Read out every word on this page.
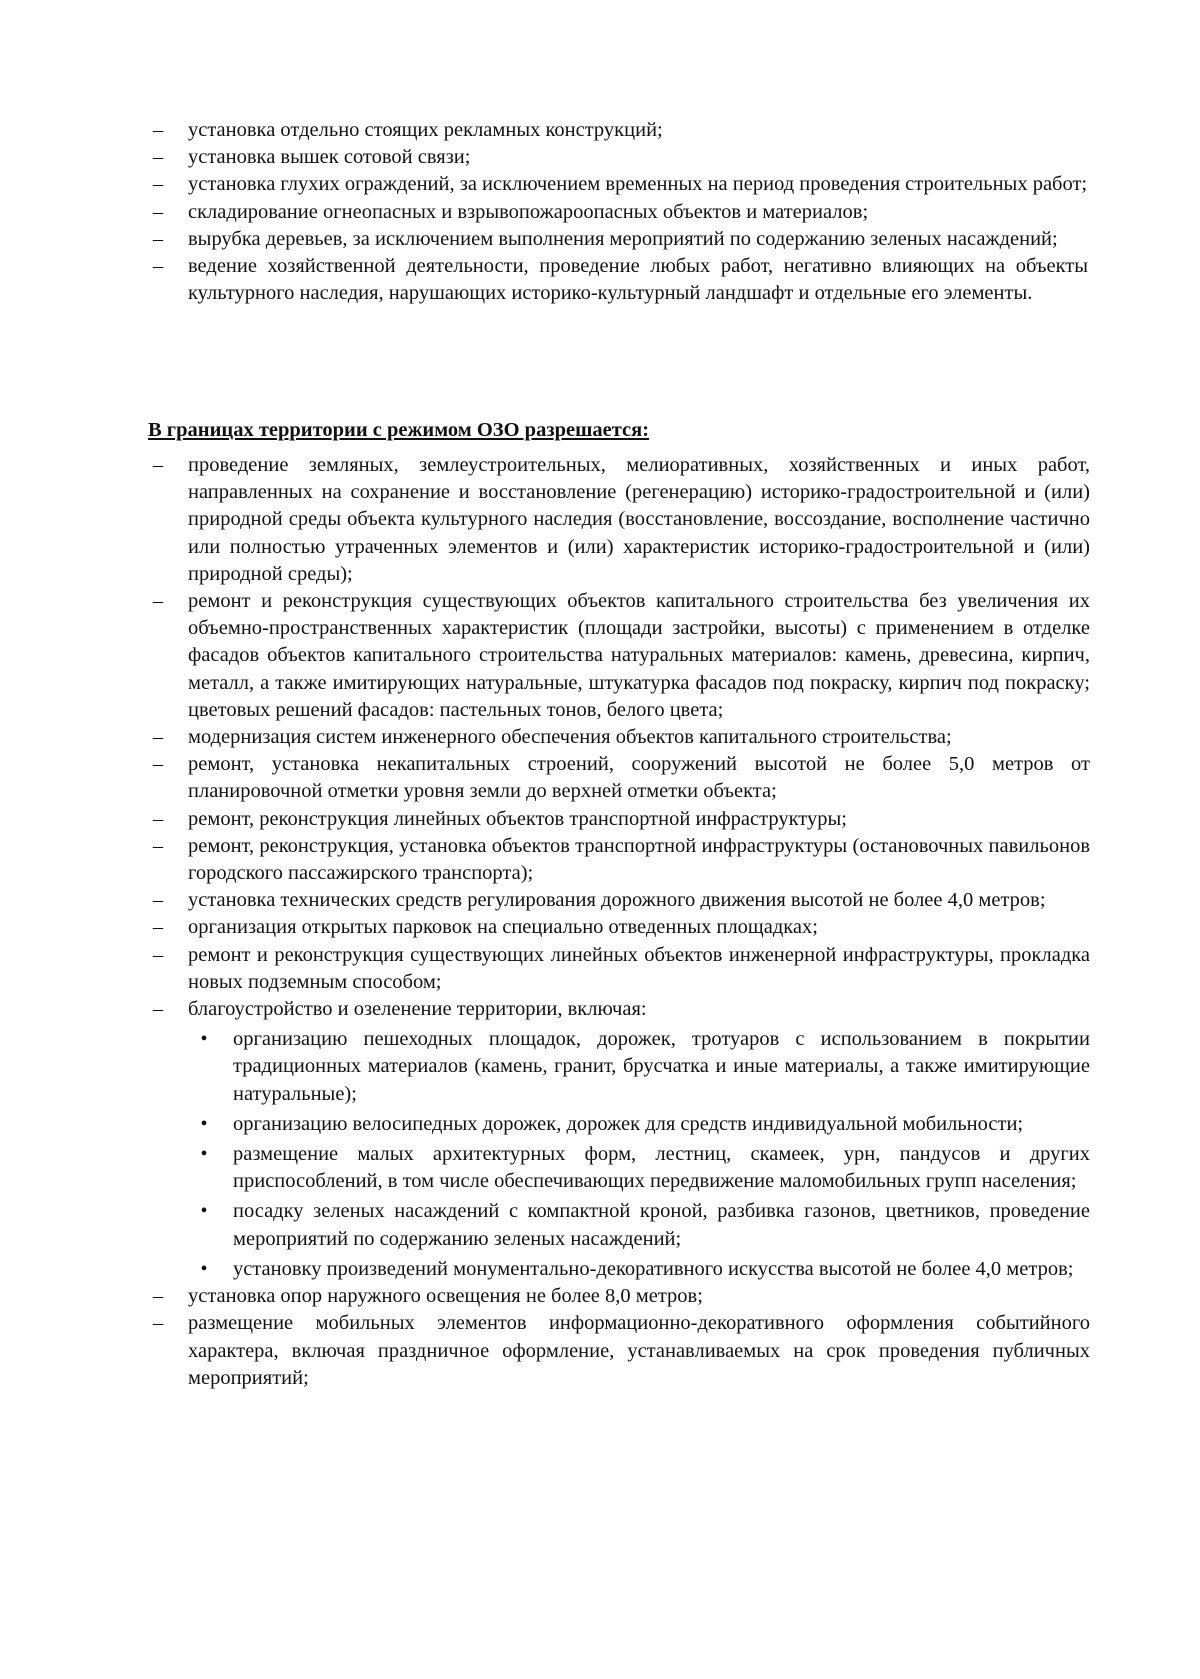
– установка отдельно стоящих рекламных конструкций;
– установка вышек сотовой связи;
– установка глухих ограждений, за исключением временных на период проведения строительных работ;
– складирование огнеопасных и взрывопожароопасных объектов и материалов;
– вырубка деревьев, за исключением выполнения мероприятий по содержанию зеленых насаждений;
– ведение хозяйственной деятельности, проведение любых работ, негативно влияющих на объекты культурного наследия, нарушающих историко-культурный ландшафт и отдельные его элементы.
В границах территории с режимом ОЗО разрешается:
– проведение земляных, землеустроительных, мелиоративных, хозяйственных и иных работ, направленных на сохранение и восстановление (регенерацию) историко-градостроительной и (или) природной среды объекта культурного наследия (восстановление, воссоздание, восполнение частично или полностью утраченных элементов и (или) характеристик историко-градостроительной и (или) природной среды);
– ремонт и реконструкция существующих объектов капитального строительства без увеличения их объемно-пространственных характеристик (площади застройки, высоты) с применением в отделке фасадов объектов капитального строительства натуральных материалов: камень, древесина, кирпич, металл, а также имитирующих натуральные, штукатурка фасадов под покраску, кирпич под покраску; цветовых решений фасадов: пастельных тонов, белого цвета;
– модернизация систем инженерного обеспечения объектов капитального строительства;
– ремонт, установка некапитальных строений, сооружений высотой не более 5,0 метров от планировочной отметки уровня земли до верхней отметки объекта;
– ремонт, реконструкция линейных объектов транспортной инфраструктуры;
– ремонт, реконструкция, установка объектов транспортной инфраструктуры (остановочных павильонов городского пассажирского транспорта);
– установка технических средств регулирования дорожного движения высотой не более 4,0 метров;
– организация открытых парковок на специально отведенных площадках;
– ремонт и реконструкция существующих линейных объектов инженерной инфраструктуры, прокладка новых подземным способом;
– благоустройство и озеленение территории, включая:
• организацию пешеходных площадок, дорожек, тротуаров с использованием в покрытии традиционных материалов (камень, гранит, брусчатка и иные материалы, а также имитирующие натуральные);
• организацию велосипедных дорожек, дорожек для средств индивидуальной мобильности;
• размещение малых архитектурных форм, лестниц, скамеек, урн, пандусов и других приспособлений, в том числе обеспечивающих передвижение маломобильных групп населения;
• посадку зеленых насаждений с компактной кроной, разбивка газонов, цветников, проведение мероприятий по содержанию зеленых насаждений;
• установку произведений монументально-декоративного искусства высотой не более 4,0 метров;
– установка опор наружного освещения не более 8,0 метров;
– размещение мобильных элементов информационно-декоративного оформления событийного характера, включая праздничное оформление, устанавливаемых на срок проведения публичных мероприятий;
